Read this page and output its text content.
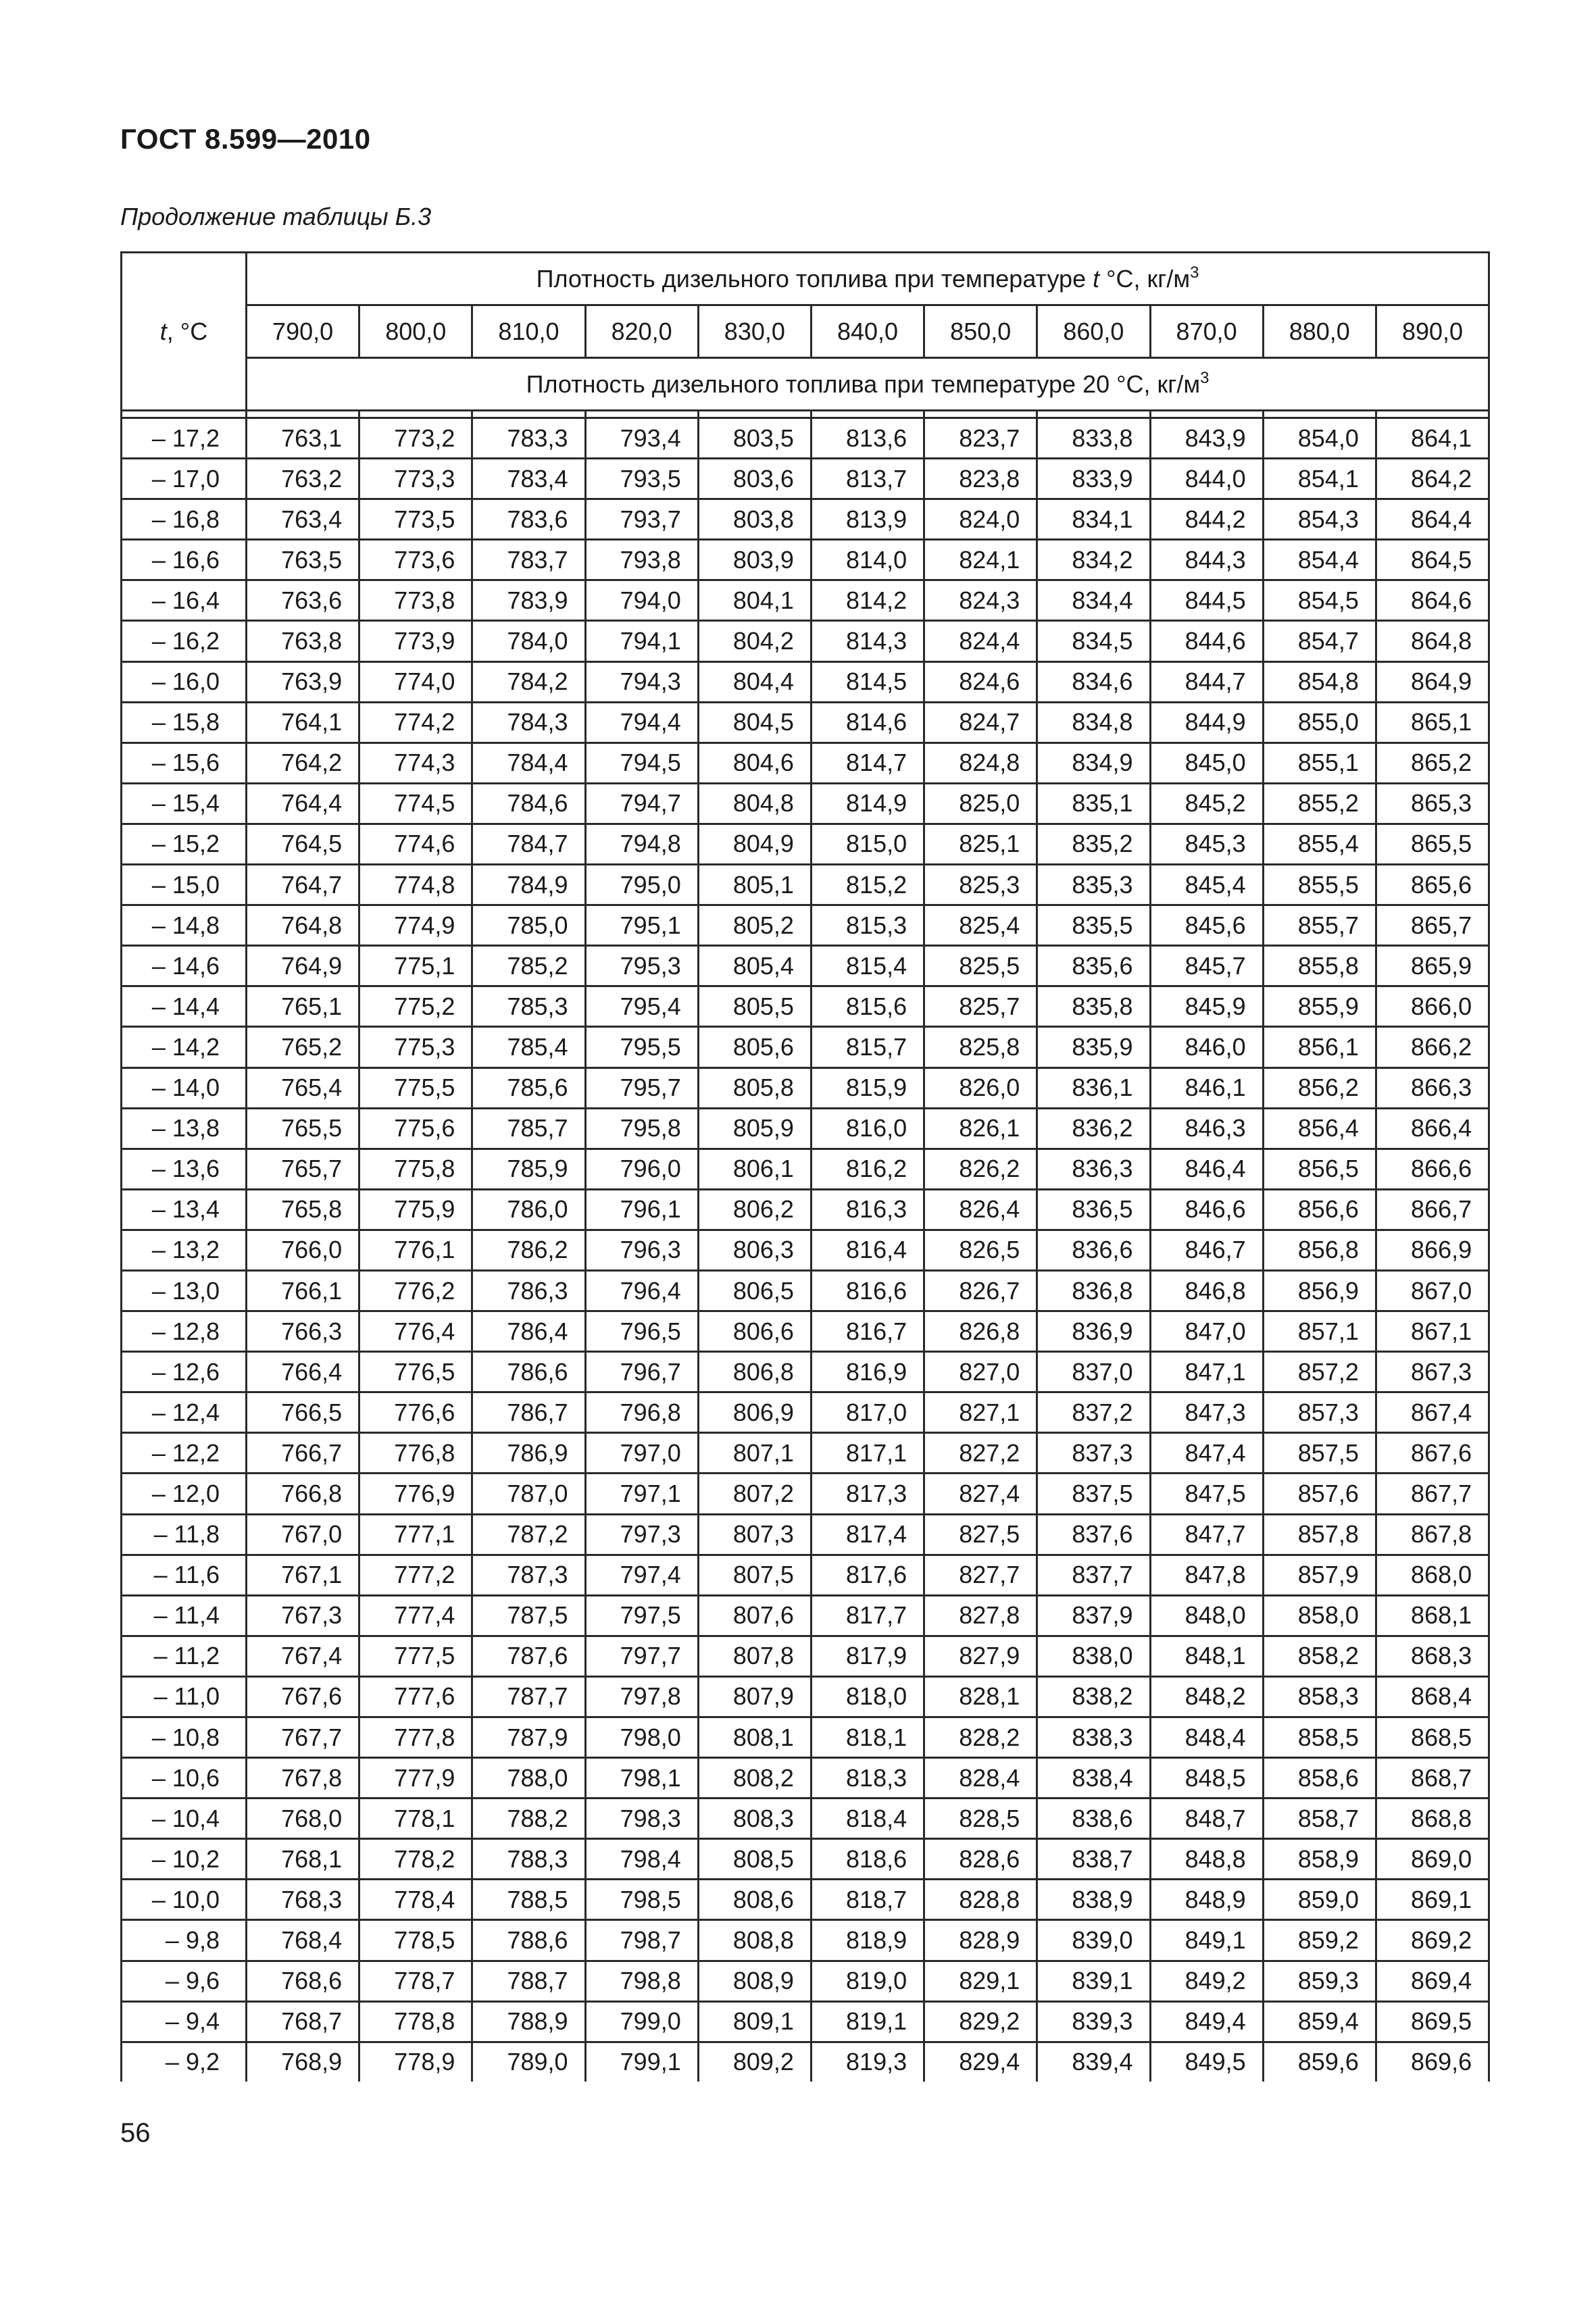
ГОСТ 8.599—2010
Продолжение таблицы Б.3
t, °C	Плотность дизельного топлива при температуре t °С, $кг/м^3$
	790,0	800,0	810,0	820,0	830,0	840,0	850,0	860,0	870,0	880,0	890,0
	Плотность дизельного топлива при температуре 20 °С, $кг/м^3$

– 17,2	763,1	773,2	783,3	793,4	803,5	813,6	823,7	833,8	843,9	854,0	864,1
– 17,0	763,2	773,3	783,4	793,5	803,6	813,7	823,8	833,9	844,0	854,1	864,2
– 16,8	763,4	773,5	783,6	793,7	803,8	813,9	824,0	834,1	844,2	854,3	864,4
– 16,6	763,5	773,6	783,7	793,8	803,9	814,0	824,1	834,2	844,3	854,4	864,5
– 16,4	763,6	773,8	783,9	794,0	804,1	814,2	824,3	834,4	844,5	854,5	864,6
– 16,2	763,8	773,9	784,0	794,1	804,2	814,3	824,4	834,5	844,6	854,7	864,8
– 16,0	763,9	774,0	784,2	794,3	804,4	814,5	824,6	834,6	844,7	854,8	864,9
– 15,8	764,1	774,2	784,3	794,4	804,5	814,6	824,7	834,8	844,9	855,0	865,1
– 15,6	764,2	774,3	784,4	794,5	804,6	814,7	824,8	834,9	845,0	855,1	865,2
– 15,4	764,4	774,5	784,6	794,7	804,8	814,9	825,0	835,1	845,2	855,2	865,3
– 15,2	764,5	774,6	784,7	794,8	804,9	815,0	825,1	835,2	845,3	855,4	865,5
– 15,0	764,7	774,8	784,9	795,0	805,1	815,2	825,3	835,3	845,4	855,5	865,6
– 14,8	764,8	774,9	785,0	795,1	805,2	815,3	825,4	835,5	845,6	855,7	865,7
– 14,6	764,9	775,1	785,2	795,3	805,4	815,4	825,5	835,6	845,7	855,8	865,9
– 14,4	765,1	775,2	785,3	795,4	805,5	815,6	825,7	835,8	845,9	855,9	866,0
– 14,2	765,2	775,3	785,4	795,5	805,6	815,7	825,8	835,9	846,0	856,1	866,2
– 14,0	765,4	775,5	785,6	795,7	805,8	815,9	826,0	836,1	846,1	856,2	866,3
– 13,8	765,5	775,6	785,7	795,8	805,9	816,0	826,1	836,2	846,3	856,4	866,4
– 13,6	765,7	775,8	785,9	796,0	806,1	816,2	826,2	836,3	846,4	856,5	866,6
– 13,4	765,8	775,9	786,0	796,1	806,2	816,3	826,4	836,5	846,6	856,6	866,7
– 13,2	766,0	776,1	786,2	796,3	806,3	816,4	826,5	836,6	846,7	856,8	866,9
– 13,0	766,1	776,2	786,3	796,4	806,5	816,6	826,7	836,8	846,8	856,9	867,0
– 12,8	766,3	776,4	786,4	796,5	806,6	816,7	826,8	836,9	847,0	857,1	867,1
– 12,6	766,4	776,5	786,6	796,7	806,8	816,9	827,0	837,0	847,1	857,2	867,3
– 12,4	766,5	776,6	786,7	796,8	806,9	817,0	827,1	837,2	847,3	857,3	867,4
– 12,2	766,7	776,8	786,9	797,0	807,1	817,1	827,2	837,3	847,4	857,5	867,6
– 12,0	766,8	776,9	787,0	797,1	807,2	817,3	827,4	837,5	847,5	857,6	867,7
– 11,8	767,0	777,1	787,2	797,3	807,3	817,4	827,5	837,6	847,7	857,8	867,8
– 11,6	767,1	777,2	787,3	797,4	807,5	817,6	827,7	837,7	847,8	857,9	868,0
– 11,4	767,3	777,4	787,5	797,5	807,6	817,7	827,8	837,9	848,0	858,0	868,1
– 11,2	767,4	777,5	787,6	797,7	807,8	817,9	827,9	838,0	848,1	858,2	868,3
– 11,0	767,6	777,6	787,7	797,8	807,9	818,0	828,1	838,2	848,2	858,3	868,4
– 10,8	767,7	777,8	787,9	798,0	808,1	818,1	828,2	838,3	848,4	858,5	868,5
– 10,6	767,8	777,9	788,0	798,1	808,2	818,3	828,4	838,4	848,5	858,6	868,7
– 10,4	768,0	778,1	788,2	798,3	808,3	818,4	828,5	838,6	848,7	858,7	868,8
– 10,2	768,1	778,2	788,3	798,4	808,5	818,6	828,6	838,7	848,8	858,9	869,0
– 10,0	768,3	778,4	788,5	798,5	808,6	818,7	828,8	838,9	848,9	859,0	869,1
– 9,8	768,4	778,5	788,6	798,7	808,8	818,9	828,9	839,0	849,1	859,2	869,2
– 9,6	768,6	778,7	788,7	798,8	808,9	819,0	829,1	839,1	849,2	859,3	869,4
– 9,4	768,7	778,8	788,9	799,0	809,1	819,1	829,2	839,3	849,4	859,4	869,5
– 9,2	768,9	778,9	789,0	799,1	809,2	819,3	829,4	839,4	849,5	859,6	869,6
56
